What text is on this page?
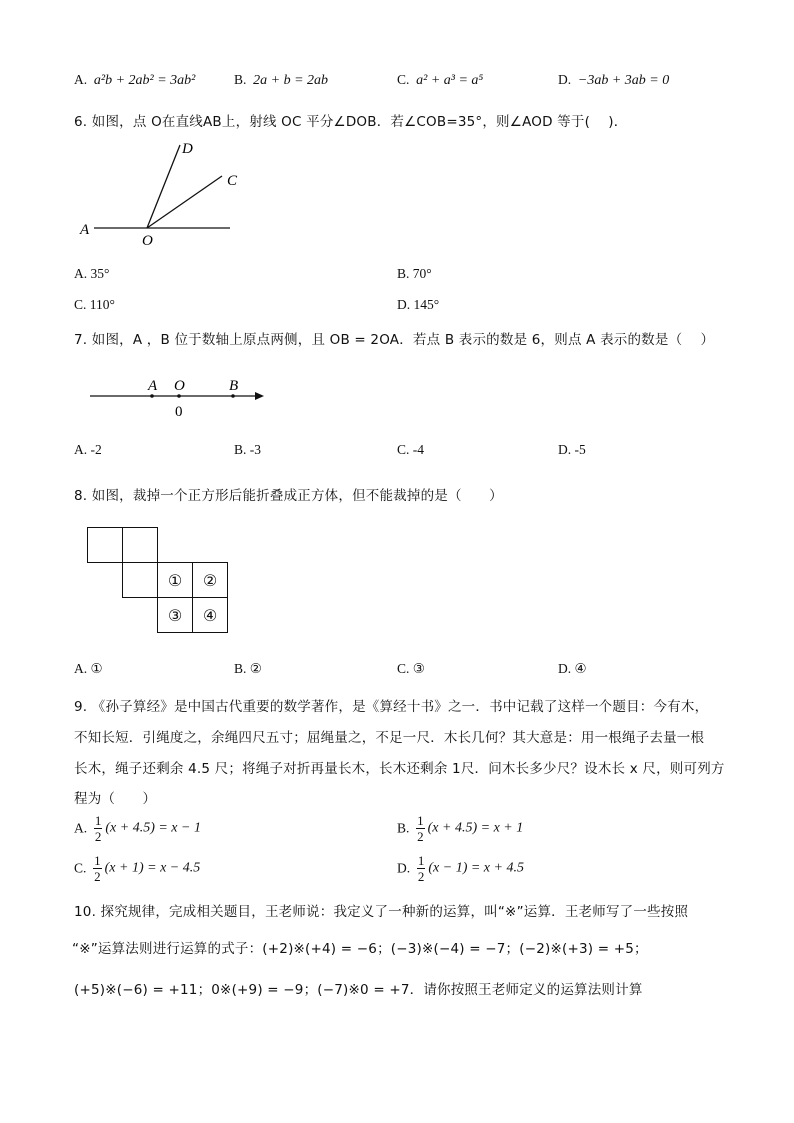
A. a²b + 2ab² = 3ab²	B. 2a + b = 2ab	C. a² + a³ = a⁵	D. −3ab + 3ab = 0
6. 如图，点 O在直线AB上，射线 OC 平分∠DOB．若∠COB=35°，则∠AOD 等于(　 )．
A
O
C
D
A. 35°	B. 70°
C. 110°	D. 145°
7. 如图，A ，B 位于数轴上原点两侧，且 OB = 2OA．若点 B 表示的数是 6，则点 A 表示的数是（　 ）
A O	B
0
A. -2	B. -3	C. -4	D. -5
8. 如图，裁掉一个正方形后能折叠成正方体，但不能裁掉的是（　　）
① ②
③ ④
A. ①	B. ②	C. ③	D. ④
9. 《孙子算经》是中国古代重要的数学著作，是《算经十书》之一．书中记载了这样一个题目：今有木，
不知长短．引绳度之，余绳四尺五寸；屈绳量之，不足一尺．木长几何？其大意是：用一根绳子去量一根
长木，绳子还剩余 4.5 尺；将绳子对折再量长木，长木还剩余 1尺．问木长多少尺？设木长 x 尺，则可列方
程为（　　）
A. $\frac{1}{2} (x + 4.5) = x - 1$	B. $\frac{1}{2} (x + 4.5) = x + 1$
C. $\frac{1}{2} (x + 1) = x - 4.5$	D. $\frac{1}{2} (x - 1) = x + 4.5$
10. 探究规律，完成相关题目，王老师说：我定义了一种新的运算，叫“※”运算．王老师写了一些按照
“※”运算法则进行运算的式子：(+2)※(+4) = −6；(−3)※(−4) = −7；(−2)※(+3) = +5；
(+5)※(−6) = +11；0※(+9) = −9；(−7)※0 = +7．请你按照王老师定义的运算法则计算
